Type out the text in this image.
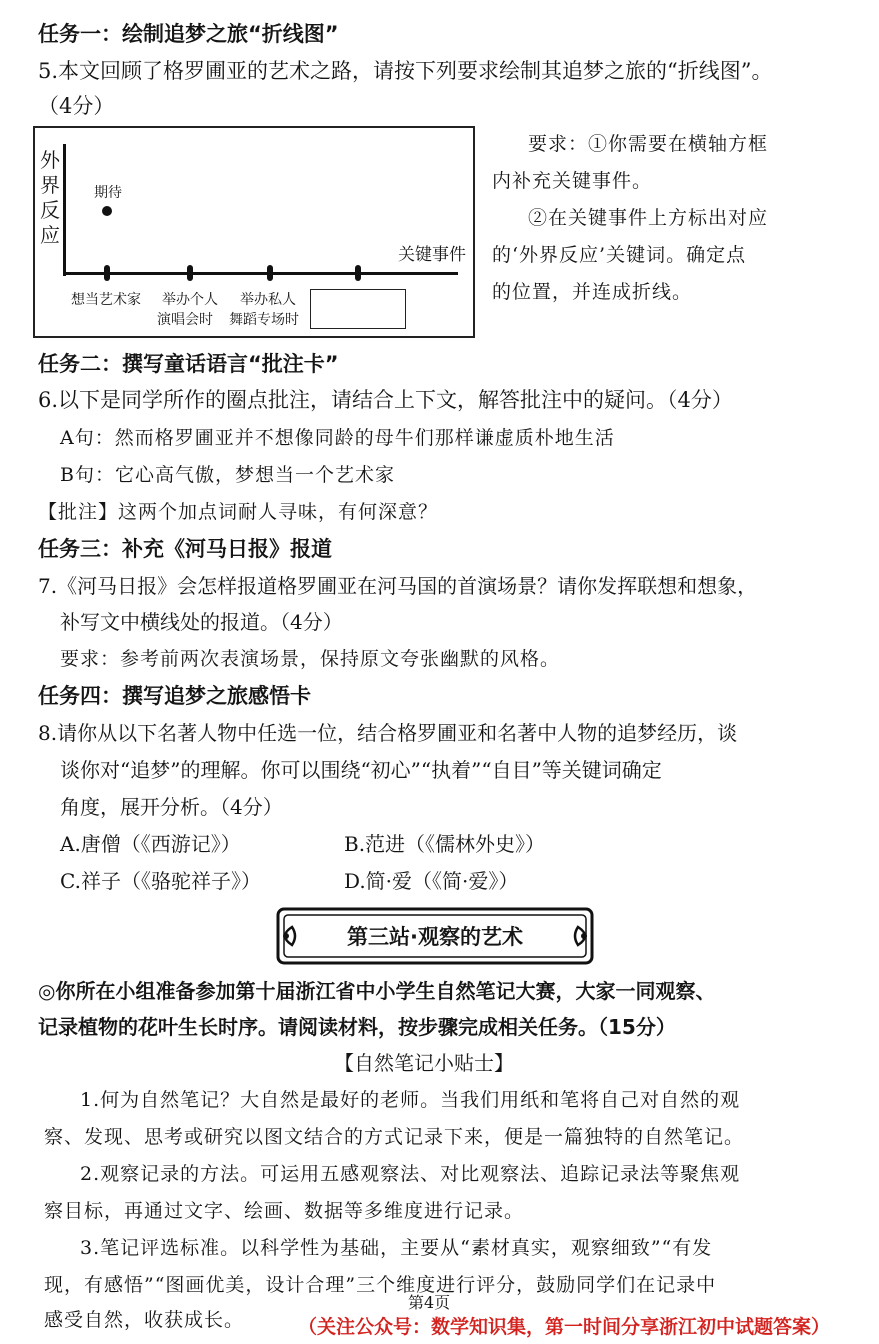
任务一：绘制追梦之旅“折线图”
5.本文回顾了格罗圃亚的艺术之路，请按下列要求绘制其追梦之旅的“折线图”。
（4分）
外界反应
关键事件
期待
想当艺术家 举办个人
演唱会时
举办私人
舞蹈专场时
要求：①你需要在横轴方框
内补充关键事件。
②在关键事件上方标出对应
的‘外界反应’关键词。确定点
的位置，并连成折线。
任务二：撰写童话语言“批注卡”
6.以下是同学所作的圈点批注，请结合上下文，解答批注中的疑问。（4分）
A句：然而格罗圃亚并不想像同龄的母牛们那样谦虚质朴地生活
B句：它心高气傲，梦想当一个艺术家
【批注】这两个加点词耐人寻味，有何深意？
任务三：补充《河马日报》报道
7.《河马日报》会怎样报道格罗圃亚在河马国的首演场景？请你发挥联想和想象，
补写文中横线处的报道。（4分）
要求：参考前两次表演场景，保持原文夸张幽默的风格。
任务四：撰写追梦之旅感悟卡
8.请你从以下名著人物中任选一位，结合格罗圃亚和名著中人物的追梦经历，谈
谈你对“追梦”的理解。你可以围绕“初心”“执着”“自目”等关键词确定
角度，展开分析。（4分）
A.唐僧（《西游记》）	B.范进（《儒林外史》）
C.祥子（《骆驼祥子》）	D.简·爱（《简·爱》）
第三站·观察的艺术
◎你所在小组准备参加第十届浙江省中小学生自然笔记大赛，大家一同观察、
记录植物的花叶生长时序。请阅读材料，按步骤完成相关任务。（15分）
【自然笔记小贴士】
1.何为自然笔记？大自然是最好的老师。当我们用纸和笔将自己对自然的观
察、发现、思考或研究以图文结合的方式记录下来，便是一篇独特的自然笔记。
2.观察记录的方法。可运用五感观察法、对比观察法、追踪记录法等聚焦观
察目标，再通过文字、绘画、数据等多维度进行记录。
3.笔记评选标准。以科学性为基础，主要从“素材真实，观察细致”“有发
现，有感悟”“图画优美，设计合理”三个维度进行评分，鼓励同学们在记录中
感受自然，收获成长。
第4页
（关注公众号：数学知识集，第一时间分享浙江初中试题答案）
